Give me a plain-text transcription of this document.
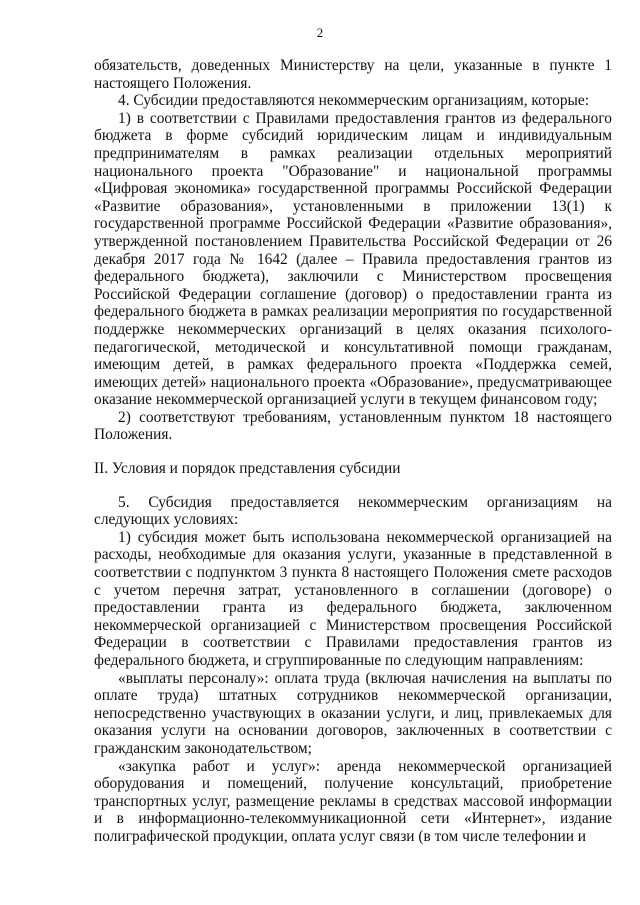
2

обязательств, доведенных Министерству на цели, указанные в пункте 1 настоящего Положения.

4. Субсидии предоставляются некоммерческим организациям, которые:

1) в соответствии с Правилами предоставления грантов из федерального бюджета в форме субсидий юридическим лицам и индивидуальным предпринимателям в рамках реализации отдельных мероприятий национального проекта "Образование" и национальной программы «Цифровая экономика» государственной программы Российской Федерации «Развитие образования», установленными в приложении 13(1) к государственной программе Российской Федерации «Развитие образования», утвержденной постановлением Правительства Российской Федерации от 26 декабря 2017 года № 1642 (далее – Правила предоставления грантов из федерального бюджета), заключили с Министерством просвещения Российской Федерации соглашение (договор) о предоставлении гранта из федерального бюджета в рамках реализации мероприятия по государственной поддержке некоммерческих организаций в целях оказания психолого-педагогической, методической и консультативной помощи гражданам, имеющим детей, в рамках федерального проекта «Поддержка семей, имеющих детей» национального проекта «Образование», предусматривающее оказание некоммерческой организацией услуги в текущем финансовом году;

2) соответствуют требованиям, установленным пунктом 18 настоящего Положения.

II. Условия и порядок представления субсидии

5. Субсидия предоставляется некоммерческим организациям на следующих условиях:

1) субсидия может быть использована некоммерческой организацией на расходы, необходимые для оказания услуги, указанные в представленной в соответствии с подпунктом 3 пункта 8 настоящего Положения смете расходов с учетом перечня затрат, установленного в соглашении (договоре) о предоставлении гранта из федерального бюджета, заключенном некоммерческой организацией с Министерством просвещения Российской Федерации в соответствии с Правилами предоставления грантов из федерального бюджета, и сгруппированные по следующим направлениям:

«выплаты персоналу»: оплата труда (включая начисления на выплаты по оплате труда) штатных сотрудников некоммерческой организации, непосредственно участвующих в оказании услуги, и лиц, привлекаемых для оказания услуги на основании договоров, заключенных в соответствии с гражданским законодательством;

«закупка работ и услуг»: аренда некоммерческой организацией оборудования и помещений, получение консультаций, приобретение транспортных услуг, размещение рекламы в средствах массовой информации и в информационно-телекоммуникационной сети «Интернет», издание полиграфической продукции, оплата услуг связи (в том числе телефонии и
